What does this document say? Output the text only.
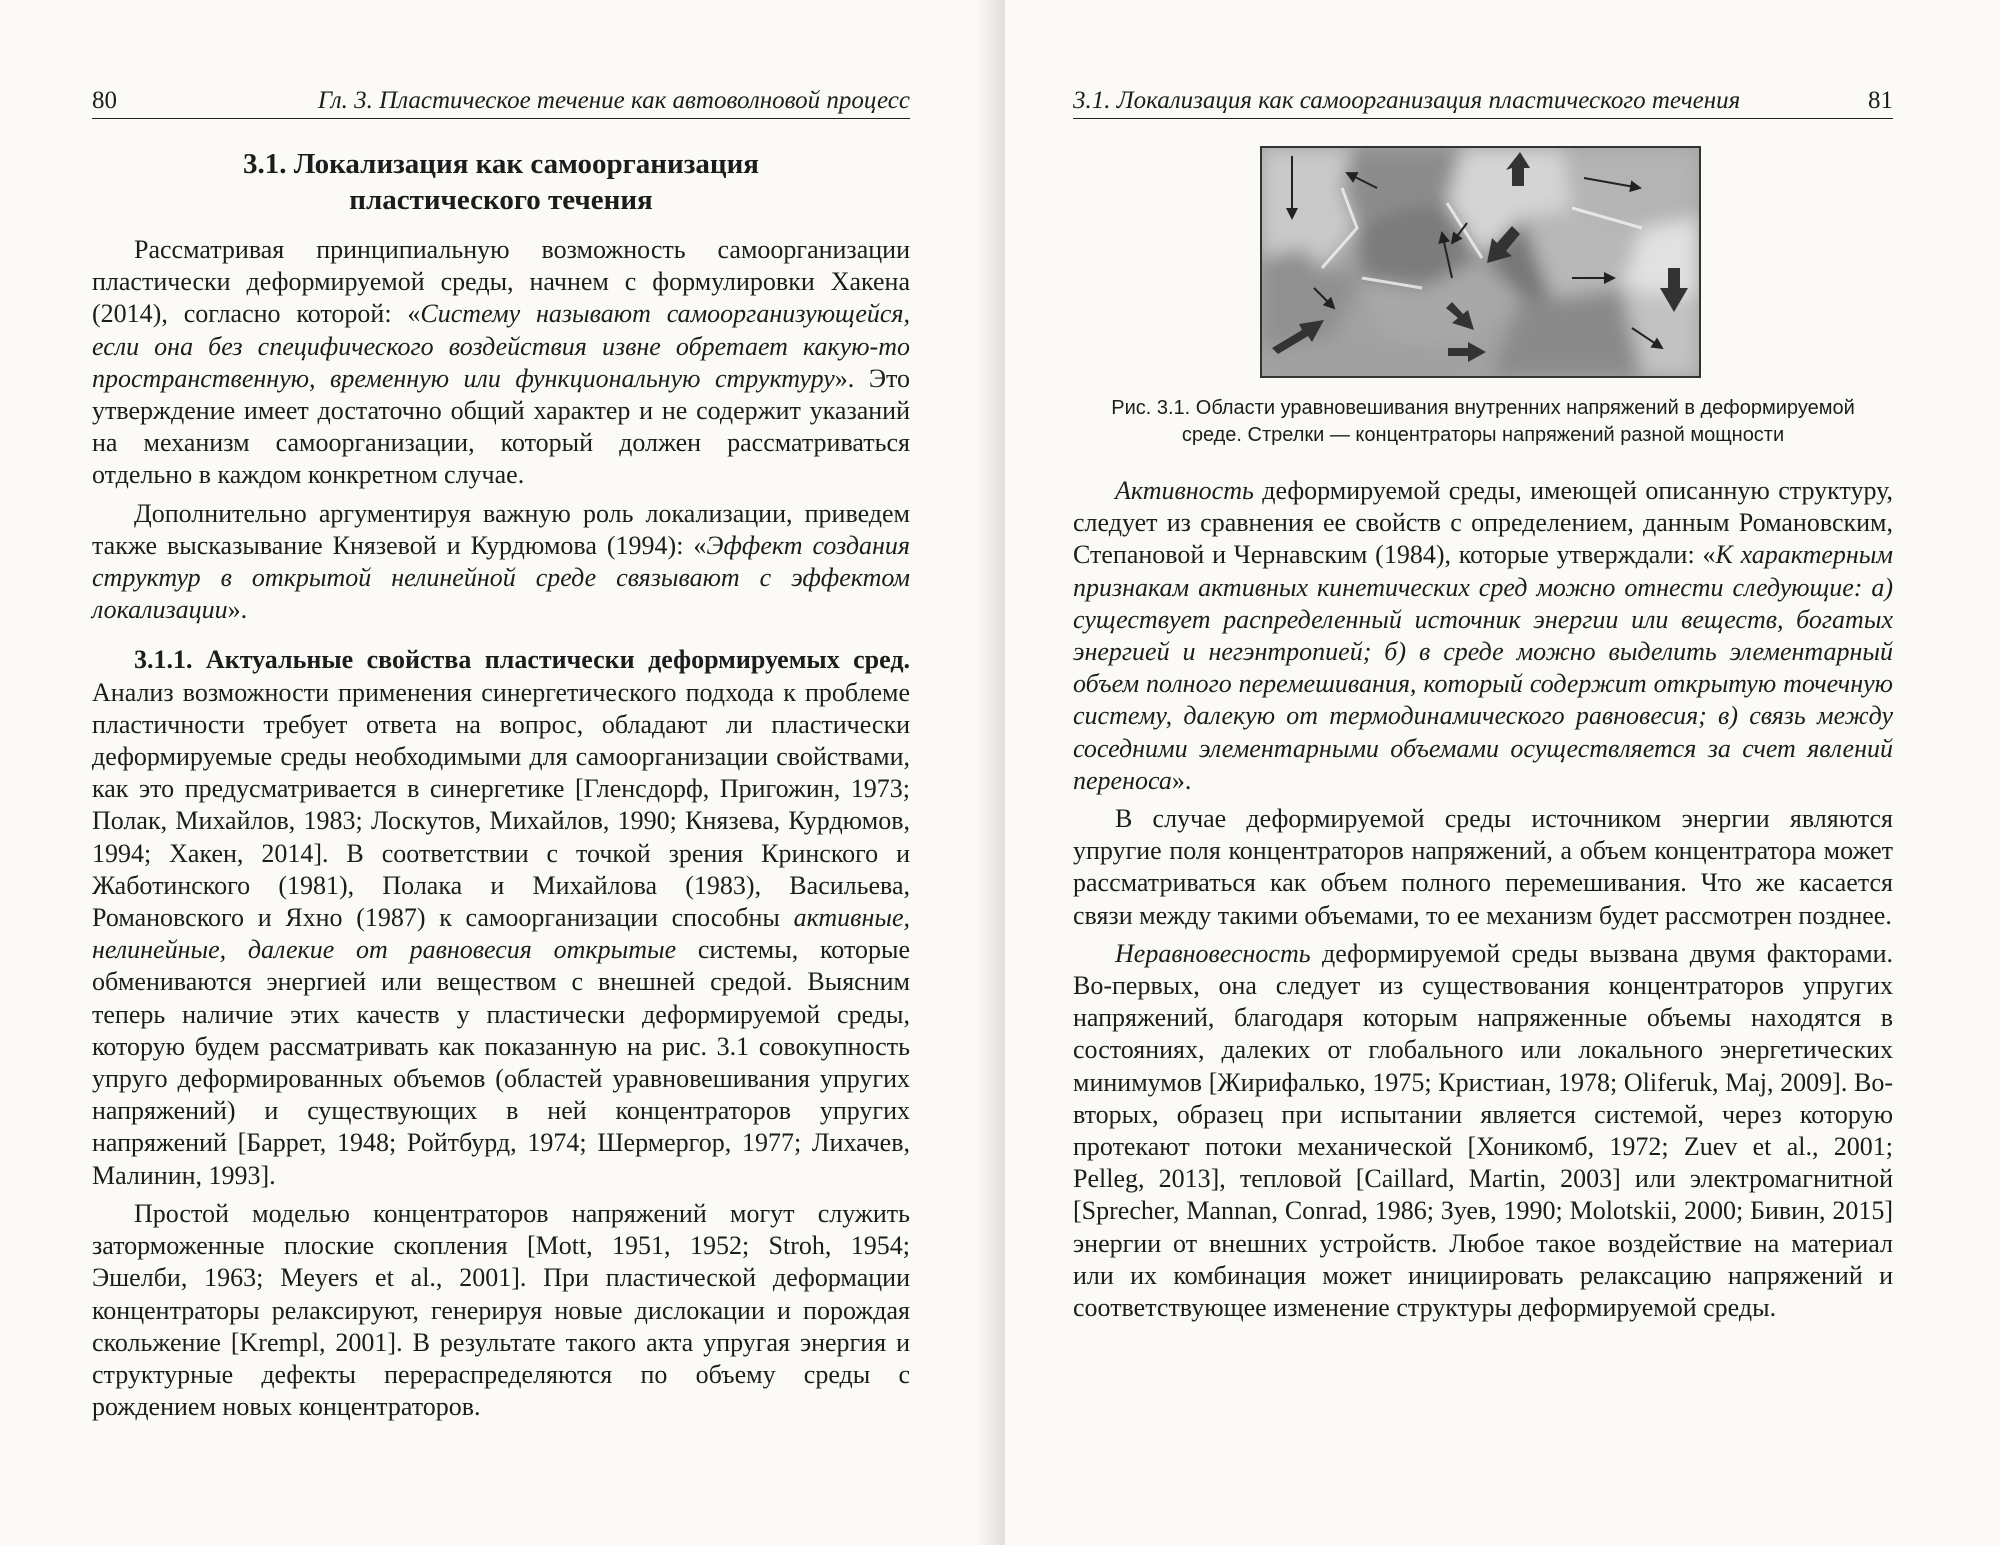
80	Гл. 3. Пластическое течение как автоволновой процесс
3.1. Локализация как самоорганизация
пластического течения

Рассматривая принципиальную возможность самоорганизации пластически деформируемой среды, начнем с формулировки Хакена (2014), согласно которой: «Систему называют самоорганизующейся, если она без специфического воздействия извне обретает какую-то пространственную, временную или функциональную структуру». Это утверждение имеет достаточно общий характер и не содержит указаний на механизм самоорганизации, который должен рассматриваться отдельно в каждом конкретном случае.

Дополнительно аргументируя важную роль локализации, приведем также высказывание Князевой и Курдюмова (1994): «Эффект создания структур в открытой нелинейной среде связывают с эффектом локализации».

3.1.1. Актуальные свойства пластически деформируемых сред. Анализ возможности применения синергетического подхода к проблеме пластичности требует ответа на вопрос, обладают ли пластически деформируемые среды необходимыми для самоорганизации свойствами, как это предусматривается в синергетике [Гленсдорф, Пригожин, 1973; Полак, Михайлов, 1983; Лоскутов, Михайлов, 1990; Князева, Курдюмов, 1994; Хакен, 2014]. В соответствии с точкой зрения Кринского и Жаботинского (1981), Полака и Михайлова (1983), Васильева, Романовского и Яхно (1987) к самоорганизации способны активные, нелинейные, далекие от равновесия открытые системы, которые обмениваются энергией или веществом с внешней средой. Выясним теперь наличие этих качеств у пластически деформируемой среды, которую будем рассматривать как показанную на рис. 3.1 совокупность упруго деформированных объемов (областей уравновешивания упругих напряжений) и существующих в ней концентраторов упругих напряжений [Баррет, 1948; Ройтбурд, 1974; Шермергор, 1977; Лихачев, Малинин, 1993].

Простой моделью концентраторов напряжений могут служить заторможенные плоские скопления [Mott, 1951, 1952; Stroh, 1954; Эшелби, 1963; Meyers et al., 2001]. При пластической деформации концентраторы релаксируют, генерируя новые дислокации и порождая скольжение [Krempl, 2001]. В результате такого акта упругая энергия и структурные дефекты перераспределяются по объему среды с рождением новых концентраторов.

3.1. Локализация как самоорганизация пластического течения	81
Рис. 3.1. Области уравновешивания внутренних напряжений в деформируемой
среде. Стрелки — концентраторы напряжений разной мощности

Активность деформируемой среды, имеющей описанную структуру, следует из сравнения ее свойств с определением, данным Романовским, Степановой и Чернавским (1984), которые утверждали: «К характерным признакам активных кинетических сред можно отнести следующие: а) существует распределенный источник энергии или веществ, богатых энергией и негэнтропией; б) в среде можно выделить элементарный объем полного перемешивания, который содержит открытую точечную систему, далекую от термодинамического равновесия; в) связь между соседними элементарными объемами осуществляется за счет явлений переноса».

В случае деформируемой среды источником энергии являются упругие поля концентраторов напряжений, а объем концентратора может рассматриваться как объем полного перемешивания. Что же касается связи между такими объемами, то ее механизм будет рассмотрен позднее.

Неравновесность деформируемой среды вызвана двумя факторами. Во-первых, она следует из существования концентраторов упругих напряжений, благодаря которым напряженные объемы находятся в состояниях, далеких от глобального или локального энергетических минимумов [Жирифалько, 1975; Кристиан, 1978; Oliferuk, Maj, 2009]. Во-вторых, образец при испытании является системой, через которую протекают потоки механической [Хоникомб, 1972; Zuev et al., 2001; Pelleg, 2013], тепловой [Caillard, Martin, 2003] или электромагнитной [Sprecher, Mannan, Conrad, 1986; Зуев, 1990; Molotskii, 2000; Бивин, 2015] энергии от внешних устройств. Любое такое воздействие на материал или их комбинация может инициировать релаксацию напряжений и соответствующее изменение структуры деформируемой среды.
